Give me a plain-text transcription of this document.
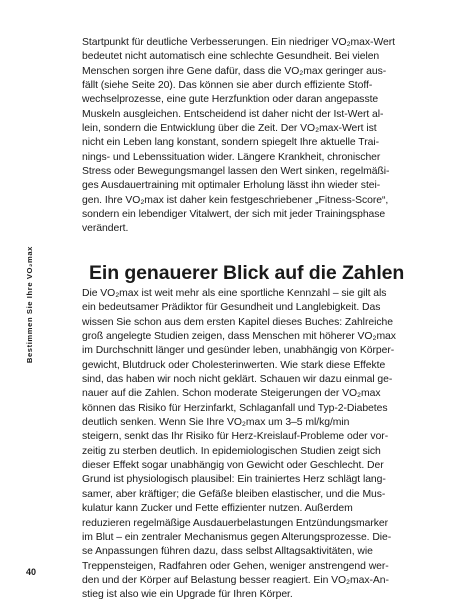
Bestimmen Sie Ihre VO₂max
Startpunkt für deutliche Verbesserungen. Ein niedriger VO₂max-Wert
bedeutet nicht automatisch eine schlechte Gesundheit. Bei vielen
Menschen sorgen ihre Gene dafür, dass die VO₂max geringer aus-
fällt (siehe Seite 20). Das können sie aber durch effiziente Stoff-
wechselprozesse, eine gute Herzfunktion oder daran angepasste
Muskeln ausgleichen. Entscheidend ist daher nicht der Ist-Wert al-
lein, sondern die Entwicklung über die Zeit. Der VO₂max-Wert ist
nicht ein Leben lang konstant, sondern spiegelt Ihre aktuelle Trai-
nings- und Lebenssituation wider. Längere Krankheit, chronischer
Stress oder Bewegungsmangel lassen den Wert sinken, regelmäßi-
ges Ausdauertraining mit optimaler Erholung lässt ihn wieder stei-
gen. Ihre VO₂max ist daher kein festgeschriebener „Fitness-Score“,
sondern ein lebendiger Vitalwert, der sich mit jeder Trainingsphase
verändert.
Ein genauerer Blick auf die Zahlen
Die VO₂max ist weit mehr als eine sportliche Kennzahl – sie gilt als
ein bedeutsamer Prädiktor für Gesundheit und Langlebigkeit. Das
wissen Sie schon aus dem ersten Kapitel dieses Buches: Zahlreiche
groß angelegte Studien zeigen, dass Menschen mit höherer VO₂max
im Durchschnitt länger und gesünder leben, unabhängig von Körper-
gewicht, Blutdruck oder Cholesterinwerten. Wie stark diese Effekte
sind, das haben wir noch nicht geklärt. Schauen wir dazu einmal ge-
nauer auf die Zahlen. Schon moderate Steigerungen der VO₂max
können das Risiko für Herzinfarkt, Schlaganfall und Typ-2-Diabetes
deutlich senken. Wenn Sie Ihre VO₂max um 3–5 ml/kg/min
steigern, senkt das Ihr Risiko für Herz-Kreislauf-Probleme oder vor-
zeitig zu sterben deutlich. In epidemiologischen Studien zeigt sich
dieser Effekt sogar unabhängig von Gewicht oder Geschlecht. Der
Grund ist physiologisch plausibel: Ein trainiertes Herz schlägt lang-
samer, aber kräftiger; die Gefäße bleiben elastischer, und die Mus-
kulatur kann Zucker und Fette effizienter nutzen. Außerdem
reduzieren regelmäßige Ausdauerbelastungen Entzündungsmarker
im Blut – ein zentraler Mechanismus gegen Alterungsprozesse. Die-
se Anpassungen führen dazu, dass selbst Alltagsaktivitäten, wie
Treppensteigen, Radfahren oder Gehen, weniger anstrengend wer-
den und der Körper auf Belastung besser reagiert. Ein VO₂max-An-
stieg ist also wie ein Upgrade für Ihren Körper.
40
